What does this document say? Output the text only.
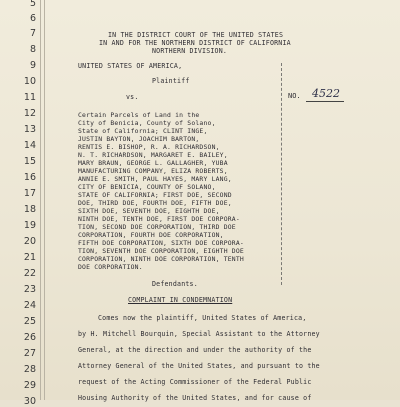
5
6
7
8
9
10
11
12
13
14
15
16
17
18
19
20
21
22
23
24
25
26
27
28
29
30
IN THE DISTRICT COURT OF THE UNITED STATES
IN AND FOR THE NORTHERN DISTRICT OF CALIFORNIA
NORTHERN DIVISION.
UNITED STATES OF AMERICA,
Plaintiff
vs.	NO. 4522
Certain Parcels of Land in the
City of Benicia, County of Solano,
State of California; CLINT INGE,
JUSTIN BAYTON, JOACHIM BARTON,
RENTIS E. BISHOP, R. A. RICHARDSON,
N. T. RICHARDSON, MARGARET E. BAILEY,
MARY BRAUN, GEORGE L. GALLAGHER, YUBA
MANUFACTURING COMPANY, ELIZA ROBERTS,
ANNIE E. SMITH, PAUL HAYES, MARY LANG,
CITY OF BENICIA, COUNTY OF SOLANO,
STATE OF CALIFORNIA; FIRST DOE, SECOND
DOE, THIRD DOE, FOURTH DOE, FIFTH DOE,
SIXTH DOE, SEVENTH DOE, EIGHTH DOE,
NINTH DOE, TENTH DOE, FIRST DOE CORPORA-
TION, SECOND DOE CORPORATION, THIRD DOE
CORPORATION, FOURTH DOE CORPORATION,
FIFTH DOE CORPORATION, SIXTH DOE CORPORA-
TION, SEVENTH DOE CORPORATION, EIGHTH DOE
CORPORATION, NINTH DOE CORPORATION, TENTH
DOE CORPORATION.
Defendants.
COMPLAINT IN CONDEMNATION
Comes now the plaintiff, United States of America,
by H. Mitchell Bourquin, Special Assistant to the Attorney
General, at the direction and under the authority of the
Attorney General of the United States, and pursuant to the
request of the Acting Commissioner of the Federal Public
Housing Authority of the United States, and for cause of
